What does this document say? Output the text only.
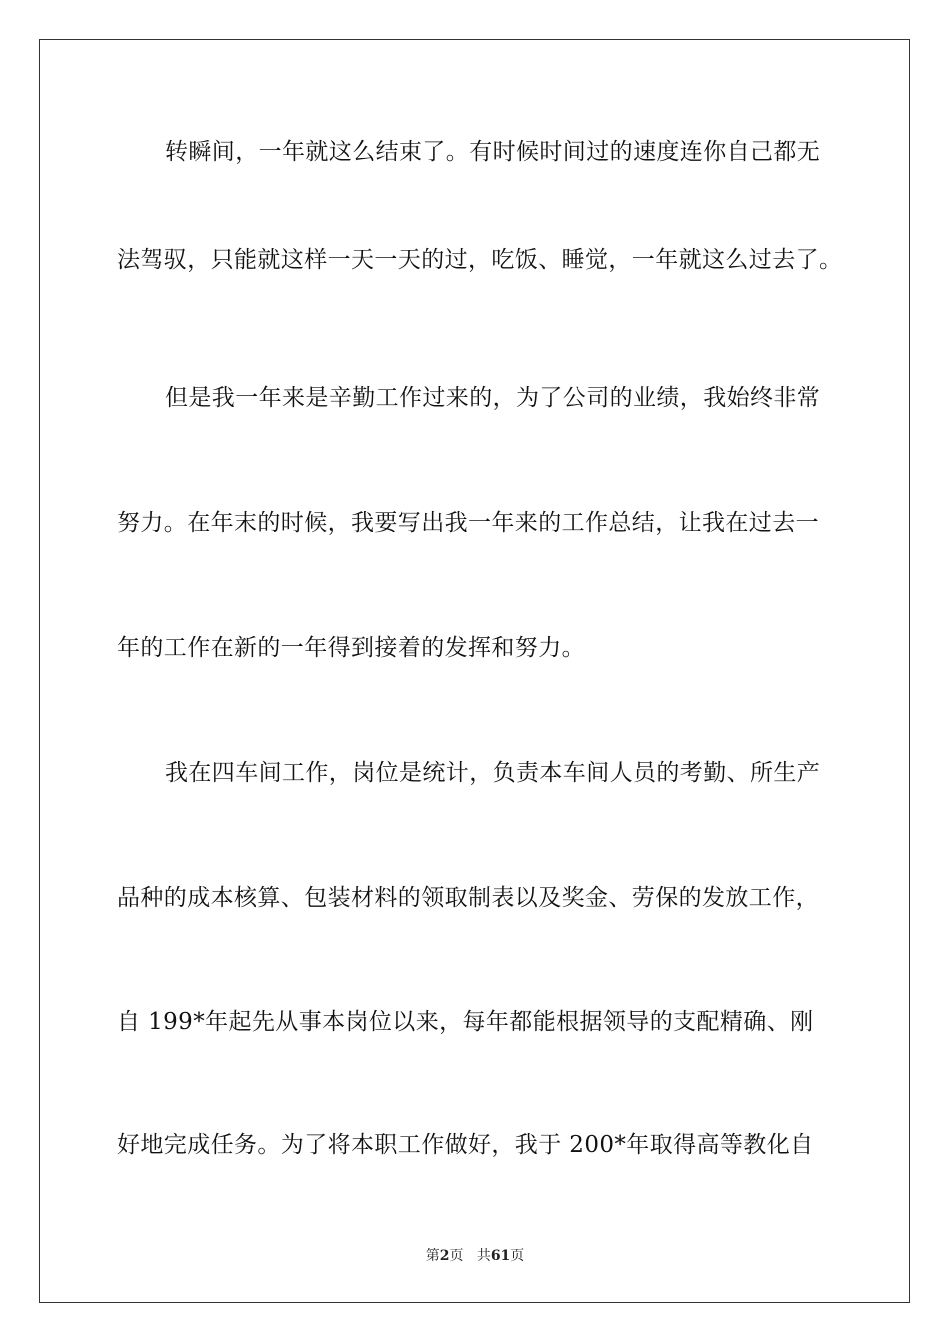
转瞬间，一年就这么结束了。有时候时间过的速度连你自己都无
法驾驭，只能就这样一天一天的过，吃饭、睡觉，一年就这么过去了。
但是我一年来是辛勤工作过来的，为了公司的业绩，我始终非常
努力。在年末的时候，我要写出我一年来的工作总结，让我在过去一
年的工作在新的一年得到接着的发挥和努力。
我在四车间工作，岗位是统计，负责本车间人员的考勤、所生产
品种的成本核算、包装材料的领取制表以及奖金、劳保的发放工作，
自 199*年起先从事本岗位以来，每年都能根据领导的支配精确、刚
好地完成任务。为了将本职工作做好，我于 200*年取得高等教化自
第2页 共61页
